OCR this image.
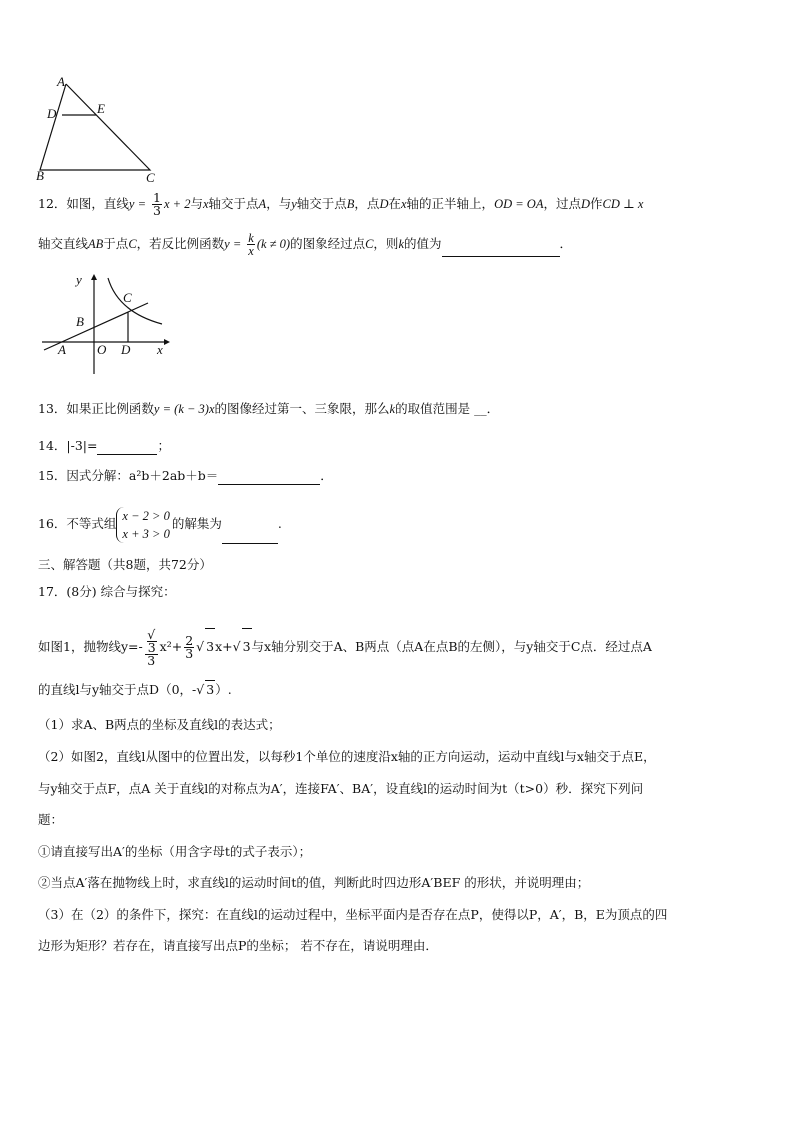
A
D	E
B	C
12．如图，直线$y = \frac{1}{3}$ x + 2与x轴交于点A，与y轴交于点B，点D在x轴的正半轴上，OD = OA，过点D作CD ⊥ x
轴交直线AB于点C，若反比例函数$y = \frac{k}{x} (k \ne 0)$的图象经过点C，则k的值为	．
y
x
C
B
A O D
13．如果正比例函数y = (k − 3)x的图像经过第一、三象限，那么k的取值范围是 __．
14．|-3|=	；
15．因式分解：a²b＋2ab＋b＝	．
16．不等式组
x − 2 > 0
x + 3 > 0
的解集为	.
三、解答题（共8题，共72分）
17．(8分) 综合与探究：
如图1，抛物线y=- √
3
3 $x^2+ \frac{2}{3}$ √ 3x+√ 3与x轴分别交于A、B两点（点A在点B的左侧），与y轴交于C点．经过点A
的直线l与y轴交于点D（0，-√ 3）.
（1）求A、B两点的坐标及直线l的表达式；
（2）如图2，直线l从图中的位置出发，以每秒1个单位的速度沿x轴的正方向运动，运动中直线l与x轴交于点E，
与y轴交于点F，点A 关于直线l的对称点为A′，连接FA′、BA′，设直线l的运动时间为t（t>0）秒．探究下列问
题：
①请直接写出A′的坐标（用含字母t的式子表示）；
②当点A′落在抛物线上时，求直线l的运动时间t的值，判断此时四边形A′BEF 的形状，并说明理由；
（3）在（2）的条件下，探究：在直线l的运动过程中，坐标平面内是否存在点P，使得以P，A′，B，E为顶点的四
边形为矩形？若存在，请直接写出点P的坐标； 若不存在，请说明理由．
